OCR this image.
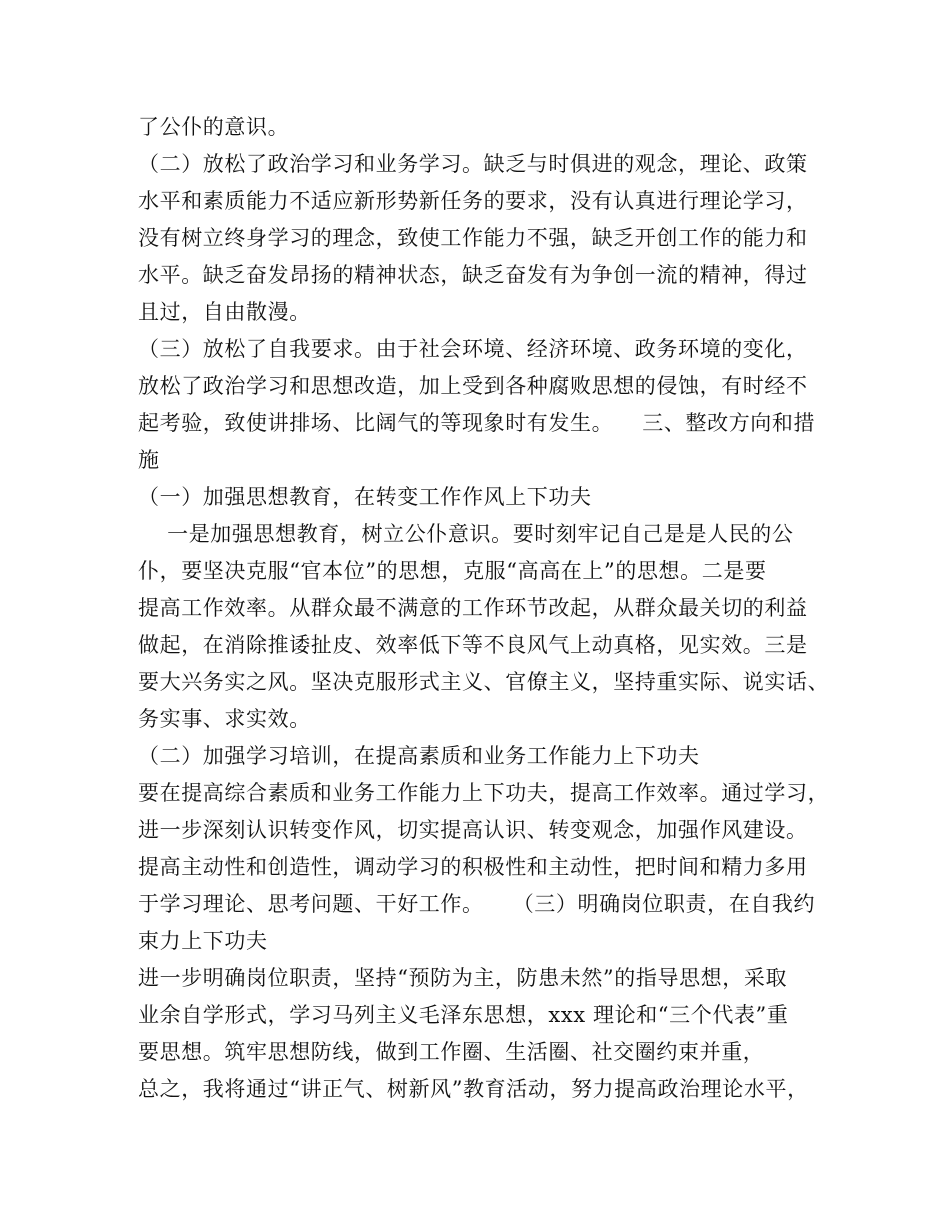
了公仆的意识。
（二）放松了政治学习和业务学习。缺乏与时俱进的观念，理论、政策
水平和素质能力不适应新形势新任务的要求，没有认真进行理论学习，
没有树立终身学习的理念，致使工作能力不强，缺乏开创工作的能力和
水平。缺乏奋发昂扬的精神状态，缺乏奋发有为争创一流的精神，得过
且过，自由散漫。
（三）放松了自我要求。由于社会环境、经济环境、政务环境的变化，
放松了政治学习和思想改造，加上受到各种腐败思想的侵蚀，有时经不
起考验，致使讲排场、比阔气的等现象时有发生。    三、整改方向和措
施
（一）加强思想教育，在转变工作作风上下功夫
一是加强思想教育，树立公仆意识。要时刻牢记自己是是人民的公
仆，要坚决克服“官本位”的思想，克服“高高在上”的思想。二是要
提高工作效率。从群众最不满意的工作环节改起，从群众最关切的利益
做起，在消除推诿扯皮、效率低下等不良风气上动真格，见实效。三是
要大兴务实之风。坚决克服形式主义、官僚主义，坚持重实际、说实话、
务实事、求实效。
（二）加强学习培训，在提高素质和业务工作能力上下功夫
要在提高综合素质和业务工作能力上下功夫，提高工作效率。通过学习，
进一步深刻认识转变作风，切实提高认识、转变观念，加强作风建设。
提高主动性和创造性，调动学习的积极性和主动性，把时间和精力多用
于学习理论、思考问题、干好工作。    （三）明确岗位职责，在自我约
束力上下功夫
进一步明确岗位职责，坚持“预防为主，防患未然”的指导思想，采取
业余自学形式，学习马列主义毛泽东思想，xxx 理论和“三个代表”重
要思想。筑牢思想防线，做到工作圈、生活圈、社交圈约束并重，
总之，我将通过“讲正气、树新风”教育活动，努力提高政治理论水平，
